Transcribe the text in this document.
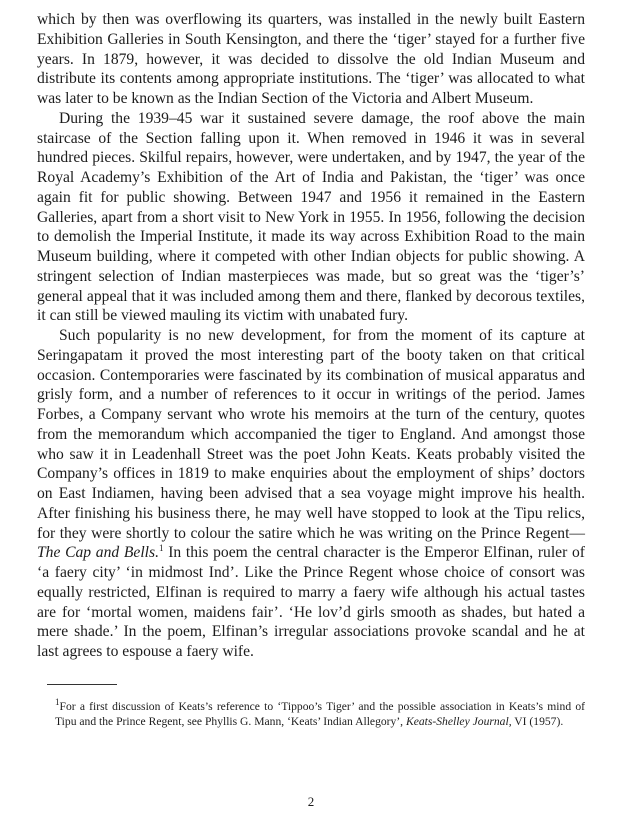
which by then was overflowing its quarters, was installed in the newly built Eastern Exhibition Galleries in South Kensington, and there the ‘tiger’ stayed for a further five years. In 1879, however, it was decided to dissolve the old Indian Museum and distribute its contents among appropriate institutions. The ‘tiger’ was allocated to what was later to be known as the Indian Section of the Victoria and Albert Museum.

During the 1939–45 war it sustained severe damage, the roof above the main staircase of the Section falling upon it. When removed in 1946 it was in several hundred pieces. Skilful repairs, however, were undertaken, and by 1947, the year of the Royal Academy’s Exhibition of the Art of India and Pakistan, the ‘tiger’ was once again fit for public showing. Between 1947 and 1956 it remained in the Eastern Galleries, apart from a short visit to New York in 1955. In 1956, following the decision to demolish the Imperial Institute, it made its way across Exhibition Road to the main Museum building, where it competed with other Indian objects for public showing. A stringent selection of Indian masterpieces was made, but so great was the ‘tiger’s’ general appeal that it was included among them and there, flanked by decorous textiles, it can still be viewed mauling its victim with unabated fury.

Such popularity is no new development, for from the moment of its capture at Seringapatam it proved the most interesting part of the booty taken on that critical occasion. Contemporaries were fascinated by its combination of musical apparatus and grisly form, and a number of references to it occur in writings of the period. James Forbes, a Company servant who wrote his memoirs at the turn of the century, quotes from the memorandum which accompanied the tiger to England. And amongst those who saw it in Leadenhall Street was the poet John Keats. Keats probably visited the Company’s offices in 1819 to make enquiries about the employment of ships’ doctors on East Indiamen, having been advised that a sea voyage might improve his health. After finishing his business there, he may well have stopped to look at the Tipu relics, for they were shortly to colour the satire which he was writing on the Prince Regent—The Cap and Bells.$^1$ In this poem the central character is the Emperor Elfinan, ruler of ‘a faery city’ ‘in midmost Ind’. Like the Prince Regent whose choice of consort was equally restricted, Elfinan is required to marry a faery wife although his actual tastes are for ‘mortal women, maidens fair’. ‘He lov’d girls smooth as shades, but hated a mere shade.’ In the poem, Elfinan’s irregular associations provoke scandal and he at last agrees to espouse a faery wife.

$^1$For a first discussion of Keats’s reference to ‘Tippoo’s Tiger’ and the possible association in Keats’s mind of Tipu and the Prince Regent, see Phyllis G. Mann, ‘Keats’ Indian Allegory’, Keats-Shelley Journal, VI (1957).
2
